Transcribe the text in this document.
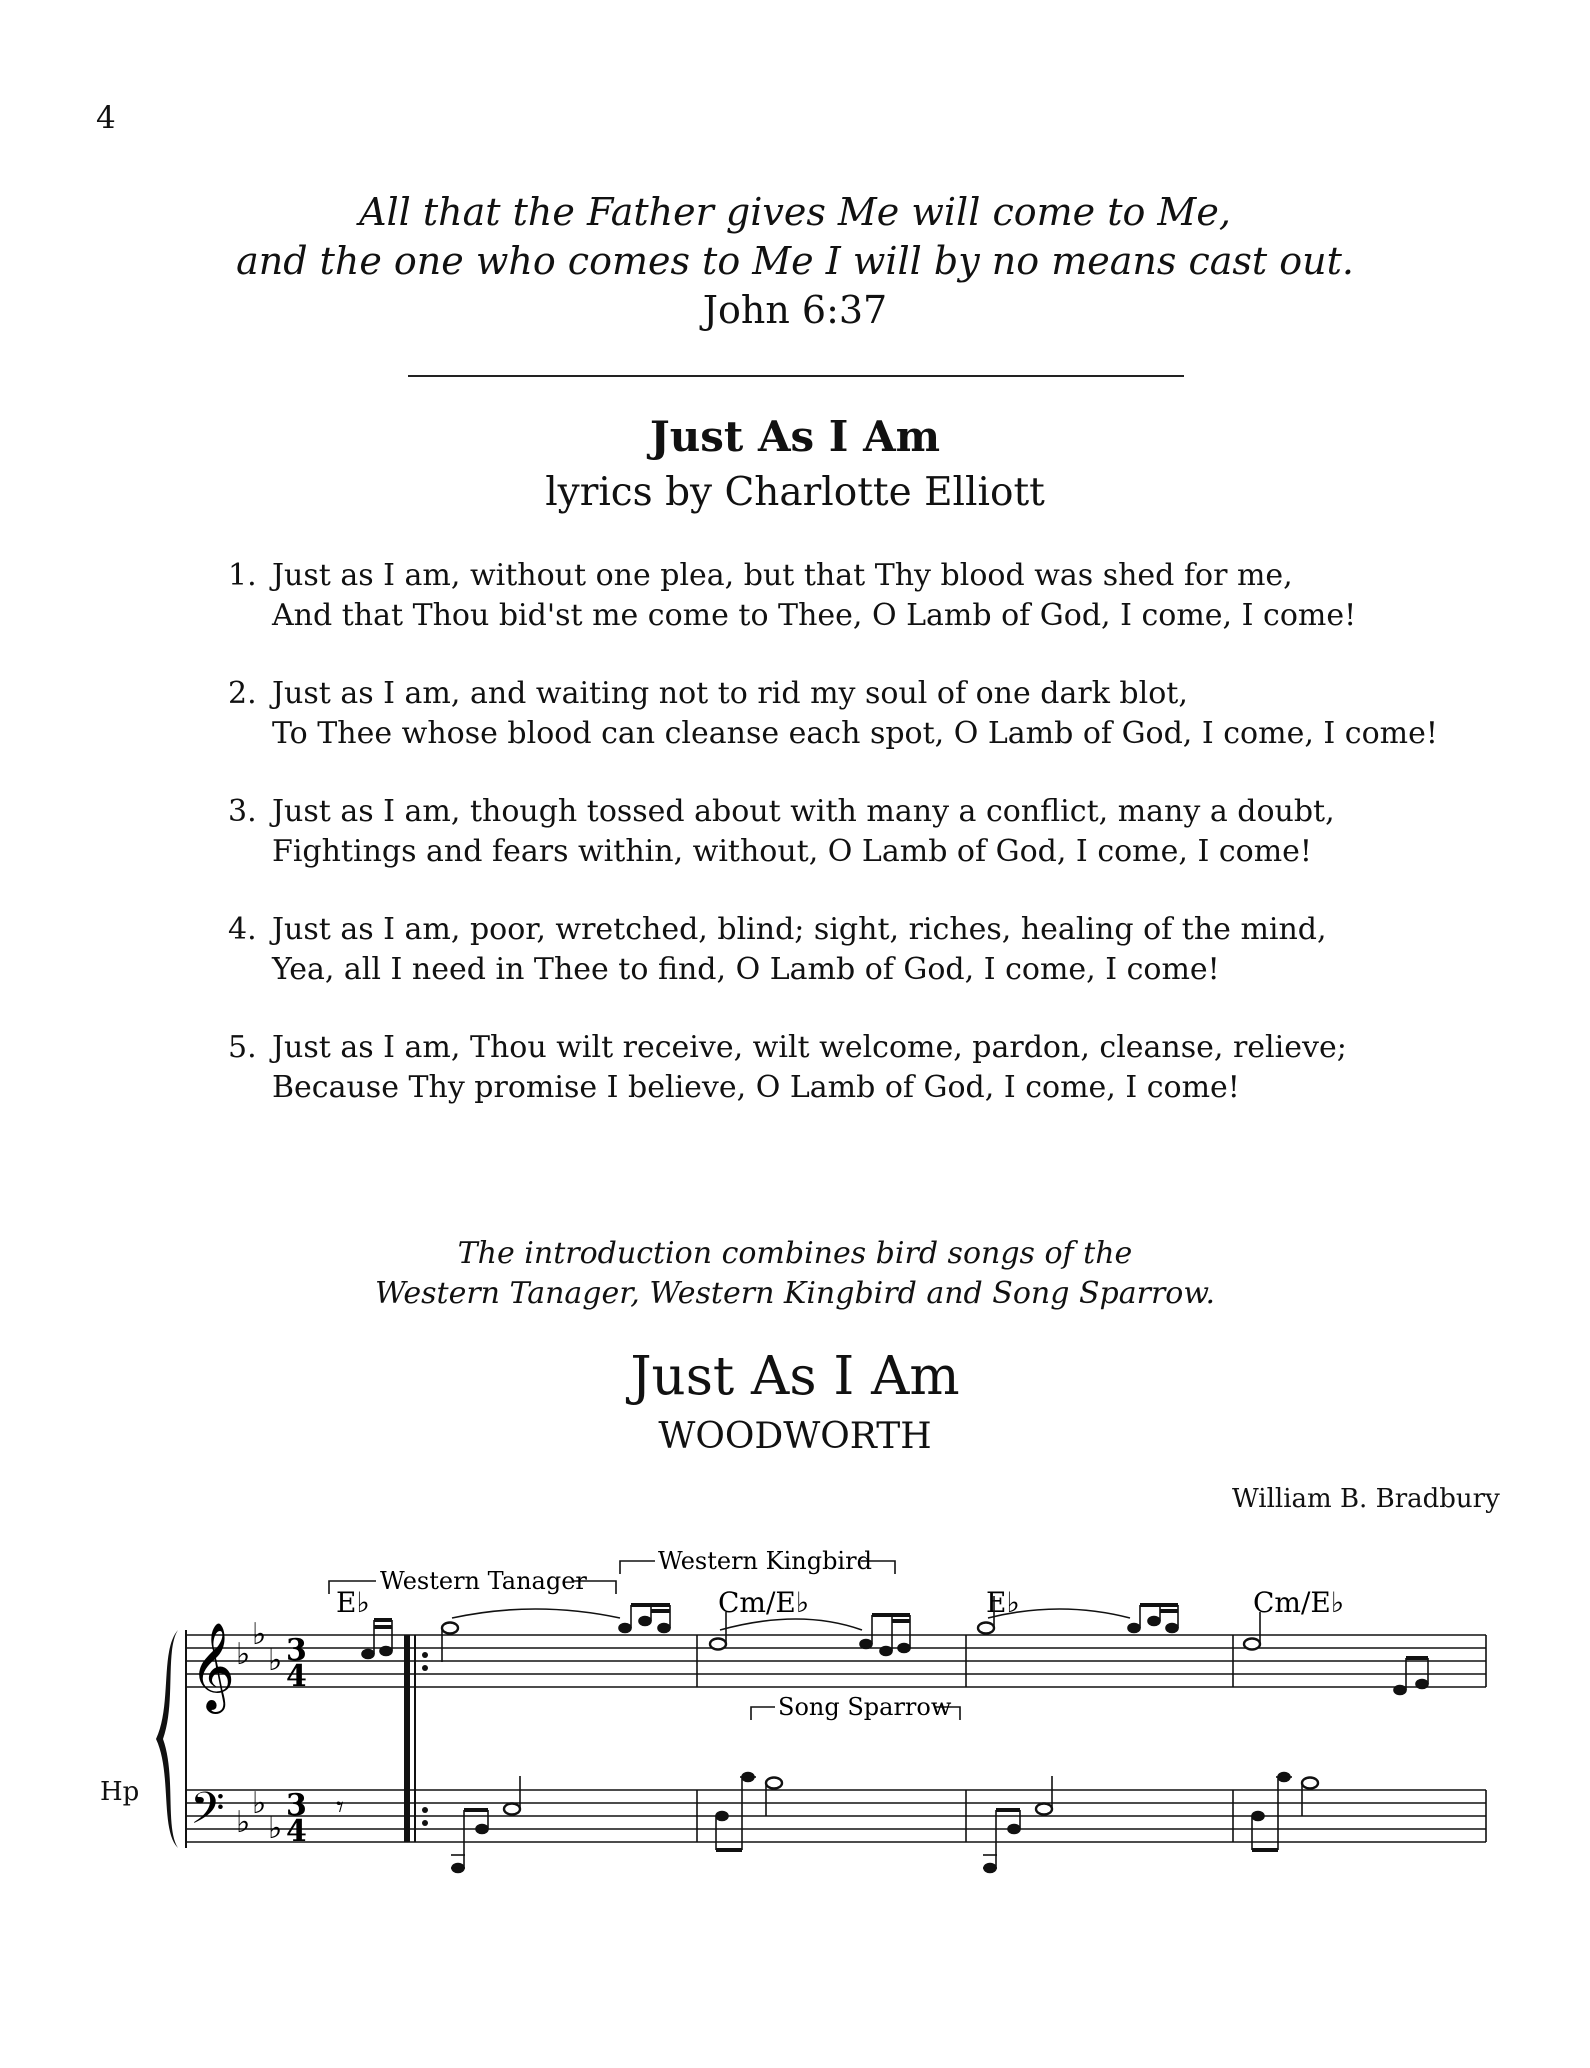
4
All that the Father gives Me will come to Me,
and the one who comes to Me I will by no means cast out.
John 6:37
Just As I Am
lyrics by Charlotte Elliott
1. Just as I am, without one plea, but that Thy blood was shed for me,
And that Thou bid'st me come to Thee, O Lamb of God, I come, I come!
2. Just as I am, and waiting not to rid my soul of one dark blot,
To Thee whose blood can cleanse each spot, O Lamb of God, I come, I come!
3. Just as I am, though tossed about with many a conflict, many a doubt,
Fightings and fears within, without, O Lamb of God, I come, I come!
4. Just as I am, poor, wretched, blind; sight, riches, healing of the mind,
Yea, all I need in Thee to find, O Lamb of God, I come, I come!
5. Just as I am, Thou wilt receive, wilt welcome, pardon, cleanse, relieve;
Because Thy promise I believe, O Lamb of God, I come, I come!
The introduction combines bird songs of the
Western Tanager, Western Kingbird and Song Sparrow.
Just As I Am
WOODWORTH
William B. Bradbury
Hp
Western Tanager
Western Kingbird
Song Sparrow
E♭	Cm/E♭	E♭	Cm/E♭
𝄞
𝄢
♭
♭
♭
♭
♭
♭
3
4
3
4
𝄾
